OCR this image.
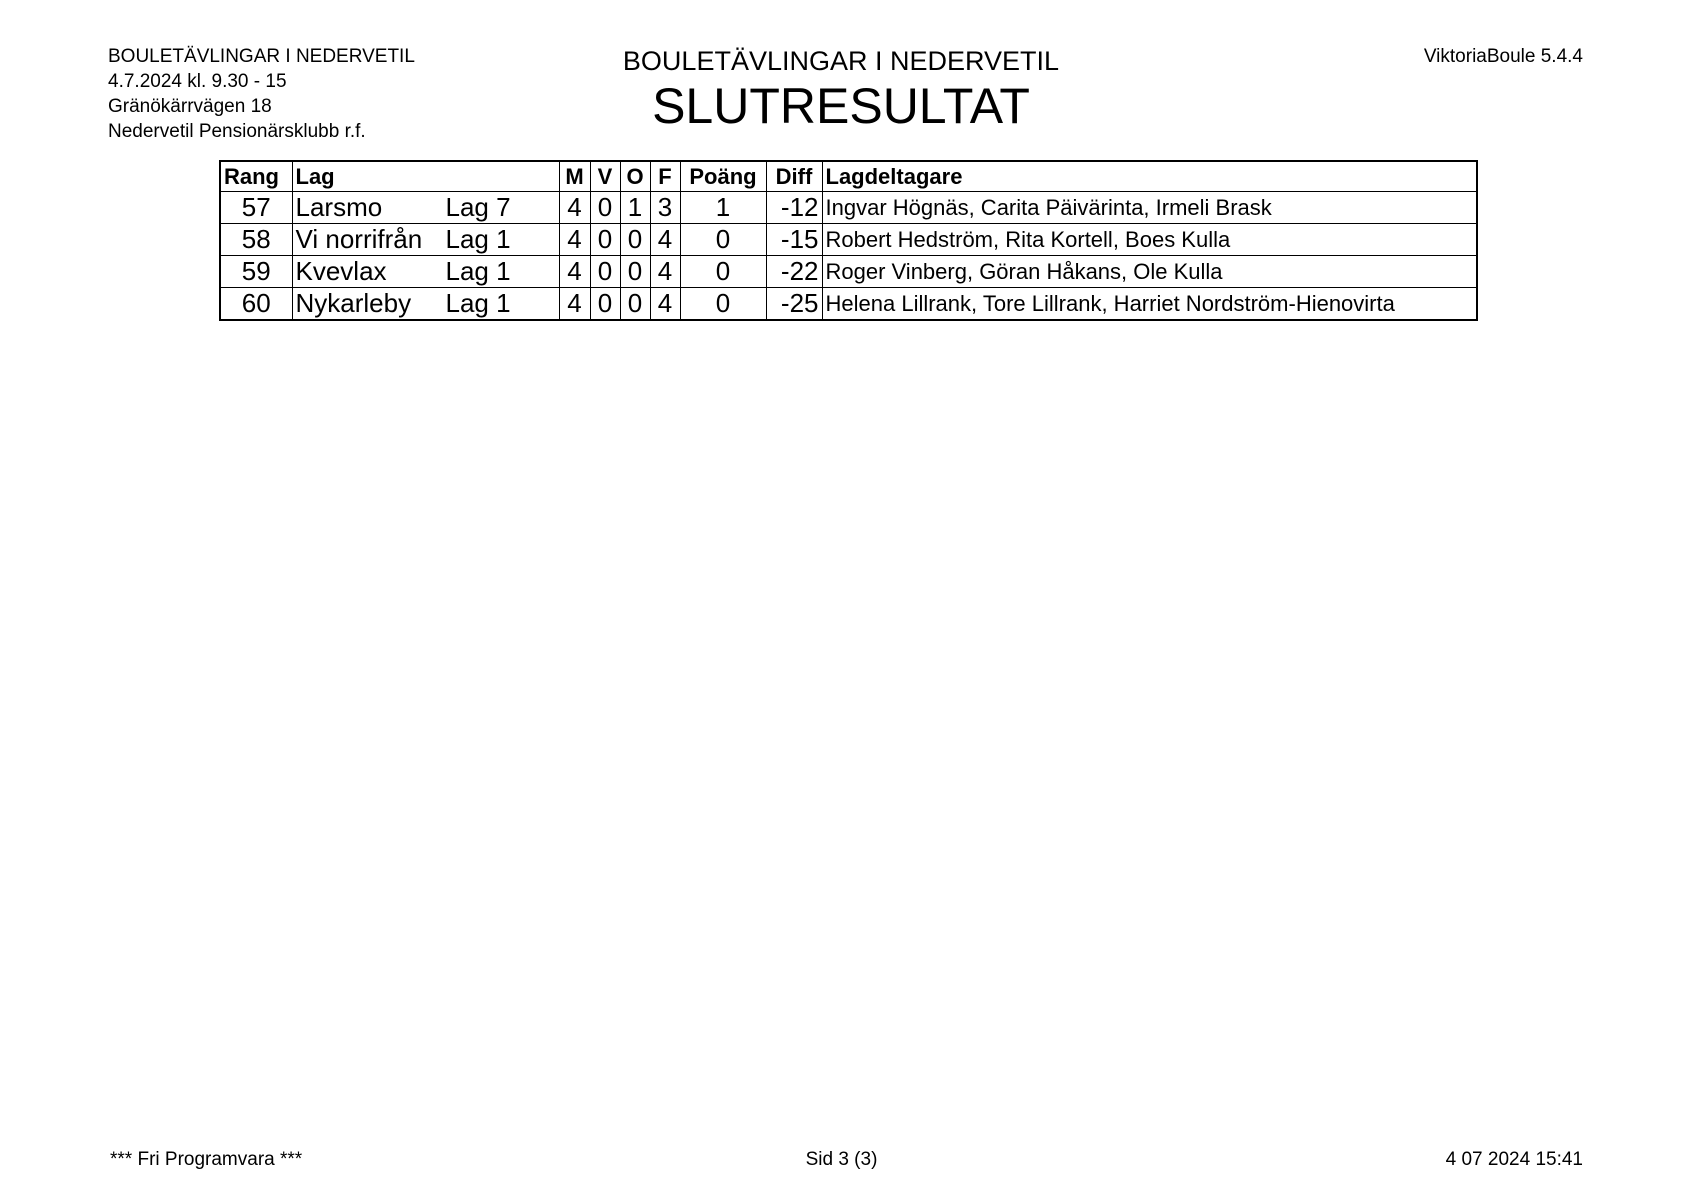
BOULETÄVLINGAR I NEDERVETIL
4.7.2024 kl. 9.30 - 15
Gränökärrvägen 18
Nedervetil Pensionärsklubb r.f.
BOULETÄVLINGAR I NEDERVETIL
SLUTRESULTAT
ViktoriaBoule 5.4.4
Rang	Lag	M	V	O	F	Poäng	Diff	Lagdeltagare
57	Larsmo Lag 7	4	0	1	3	1	-12	Ingvar Högnäs, Carita Päivärinta, Irmeli Brask
58	Vi norrifrån Lag 1	4	0	0	4	0	-15	Robert Hedström, Rita Kortell, Boes Kulla
59	Kvevlax Lag 1	4	0	0	4	0	-22	Roger Vinberg, Göran Håkans, Ole Kulla
60	Nykarleby Lag 1	4	0	0	4	0	-25	Helena Lillrank, Tore Lillrank, Harriet Nordström-Hienovirta
*** Fri Programvara ***	Sid 3 (3)	4 07 2024 15:41
